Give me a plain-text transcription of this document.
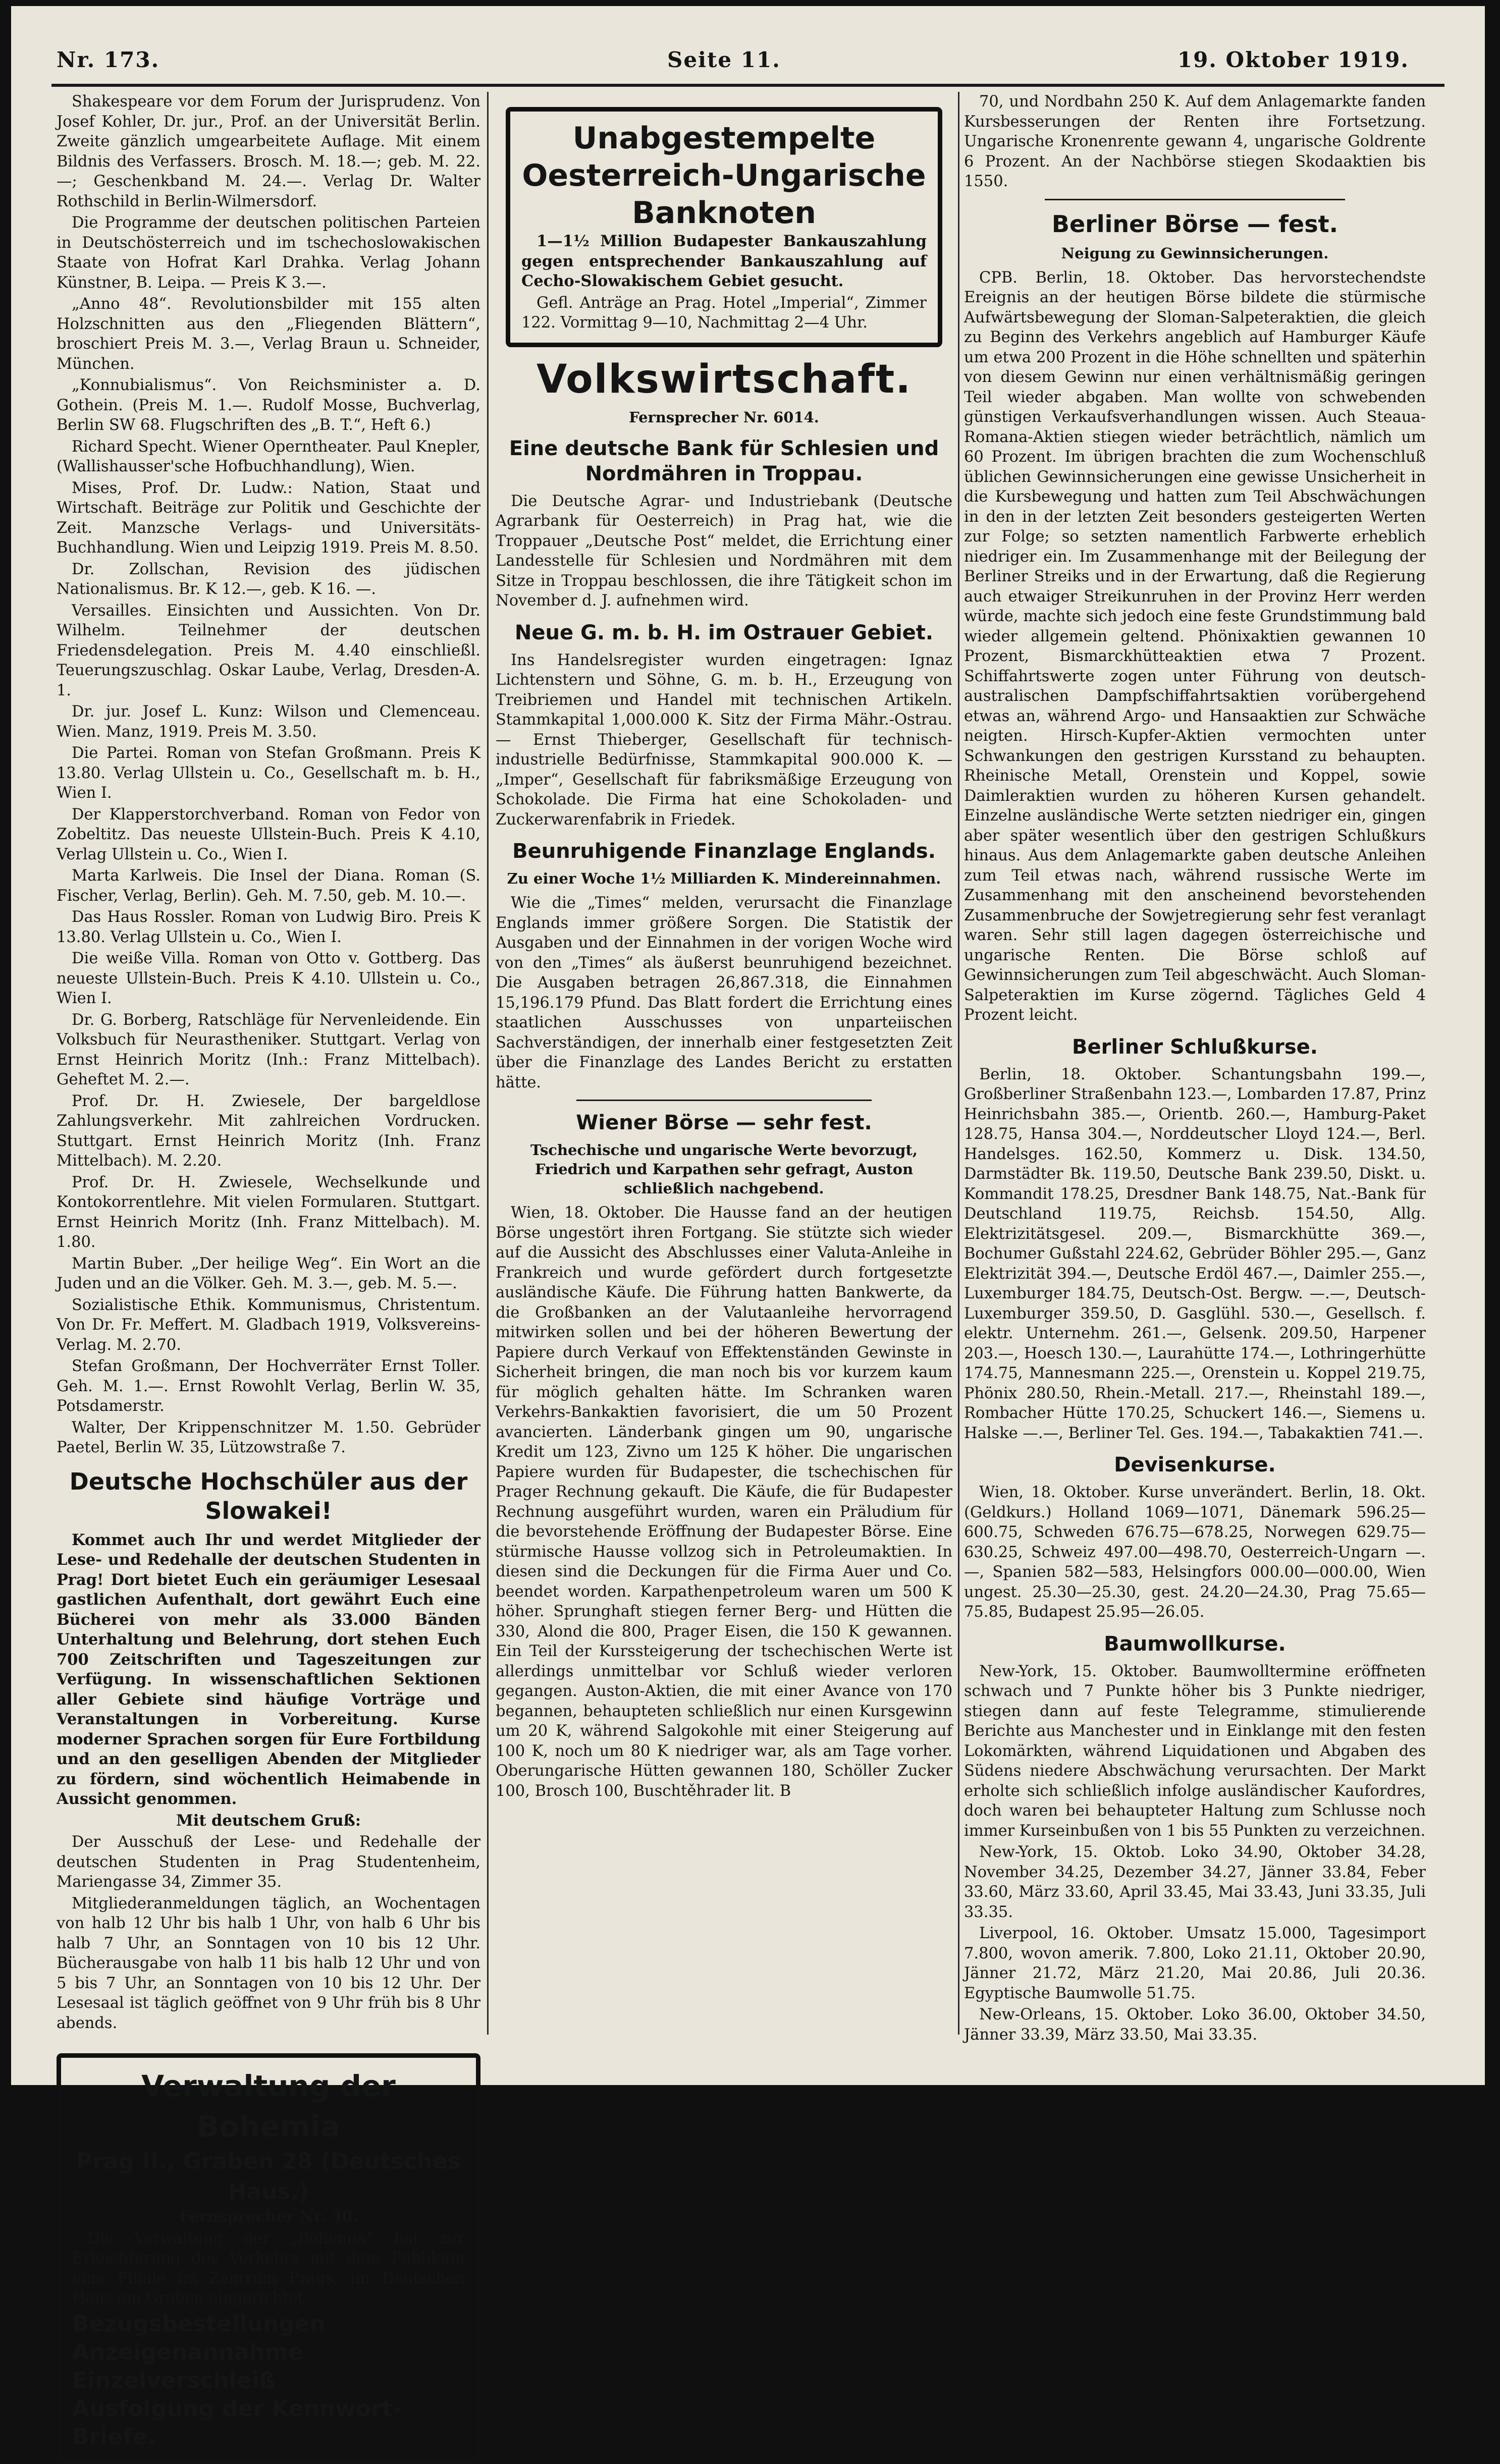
Nr. 173.	Seite 11.	19. Oktober 1919.

Shakespeare vor dem Forum der Jurisprudenz. Von Josef Kohler, Dr. jur., Prof. an der Universität Berlin. Zweite gänzlich umgearbeitete Auflage. Mit einem Bildnis des Verfassers. Brosch. M. 18.—; geb. M. 22.—; Geschenkband M. 24.—. Verlag Dr. Walter Rothschild in Berlin-Wilmersdorf.

Die Programme der deutschen politischen Parteien in Deutschösterreich und im tschechoslowakischen Staate von Hofrat Karl Drahka. Verlag Johann Künstner, B. Leipa. — Preis K 3.—.

„Anno 48“. Revolutionsbilder mit 155 alten Holzschnitten aus den „Fliegenden Blättern“, broschiert Preis M. 3.—, Verlag Braun u. Schneider, München.

„Konnubialismus“. Von Reichsminister a. D. Gothein. (Preis M. 1.—. Rudolf Mosse, Buchverlag, Berlin SW 68. Flugschriften des „B. T.“, Heft 6.)

Richard Specht. Wiener Operntheater. Paul Knepler, (Wallishausser'sche Hofbuchhandlung), Wien.

Mises, Prof. Dr. Ludw.: Nation, Staat und Wirtschaft. Beiträge zur Politik und Geschichte der Zeit. Manzsche Verlags- und Universitäts-Buchhandlung. Wien und Leipzig 1919. Preis M. 8.50.

Dr. Zollschan, Revision des jüdischen Nationalismus. Br. K 12.—, geb. K 16. —.

Versailles. Einsichten und Aussichten. Von Dr. Wilhelm. Teilnehmer der deutschen Friedensdelegation. Preis M. 4.40 einschließl. Teuerungszuschlag. Oskar Laube, Verlag, Dresden-A. 1.

Dr. jur. Josef L. Kunz: Wilson und Clemenceau. Wien. Manz, 1919. Preis M. 3.50.

Die Partei. Roman von Stefan Großmann. Preis K 13.80. Verlag Ullstein u. Co., Gesellschaft m. b. H., Wien I.

Der Klapperstorchverband. Roman von Fedor von Zobeltitz. Das neueste Ullstein-Buch. Preis K 4.10, Verlag Ullstein u. Co., Wien I.

Marta Karlweis. Die Insel der Diana. Roman (S. Fischer, Verlag, Berlin). Geh. M. 7.50, geb. M. 10.—.

Das Haus Rossler. Roman von Ludwig Biro. Preis K 13.80. Verlag Ullstein u. Co., Wien I.

Die weiße Villa. Roman von Otto v. Gottberg. Das neueste Ullstein-Buch. Preis K 4.10. Ullstein u. Co., Wien I.

Dr. G. Borberg, Ratschläge für Nervenleidende. Ein Volksbuch für Neurastheniker. Stuttgart. Verlag von Ernst Heinrich Moritz (Inh.: Franz Mittelbach). Geheftet M. 2.—.

Prof. Dr. H. Zwiesele, Der bargeldlose Zahlungsverkehr. Mit zahlreichen Vordrucken. Stuttgart. Ernst Heinrich Moritz (Inh. Franz Mittelbach). M. 2.20.

Prof. Dr. H. Zwiesele, Wechselkunde und Kontokorrentlehre. Mit vielen Formularen. Stuttgart. Ernst Heinrich Moritz (Inh. Franz Mittelbach). M. 1.80.

Martin Buber. „Der heilige Weg“. Ein Wort an die Juden und an die Völker. Geh. M. 3.—, geb. M. 5.—.

Sozialistische Ethik. Kommunismus, Christentum. Von Dr. Fr. Meffert. M. Gladbach 1919, Volksvereins-Verlag. M. 2.70.

Stefan Großmann, Der Hochverräter Ernst Toller. Geh. M. 1.—. Ernst Rowohlt Verlag, Berlin W. 35, Potsdamerstr.

Walter, Der Krippenschnitzer M. 1.50. Gebrüder Paetel, Berlin W. 35, Lützowstraße 7.

Deutsche Hochschüler aus der Slowakei!

Kommet auch Ihr und werdet Mitglieder der Lese- und Redehalle der deutschen Studenten in Prag! Dort bietet Euch ein geräumiger Lesesaal gastlichen Aufenthalt, dort gewährt Euch eine Bücherei von mehr als 33.000 Bänden Unterhaltung und Belehrung, dort stehen Euch 700 Zeitschriften und Tageszeitungen zur Verfügung. In wissenschaftlichen Sektionen aller Gebiete sind häufige Vorträge und Veranstaltungen in Vorbereitung. Kurse moderner Sprachen sorgen für Eure Fortbildung und an den geselligen Abenden der Mitglieder zu fördern, sind wöchentlich Heimabende in Aussicht genommen.

Mit deutschem Gruß:

Der Ausschuß der Lese- und Redehalle der deutschen Studenten in Prag Studentenheim, Mariengasse 34, Zimmer 35.

Mitgliederanmeldungen täglich, an Wochentagen von halb 12 Uhr bis halb 1 Uhr, von halb 6 Uhr bis halb 7 Uhr, an Sonntagen von 10 bis 12 Uhr. Bücherausgabe von halb 11 bis halb 12 Uhr und von 5 bis 7 Uhr, an Sonntagen von 10 bis 12 Uhr. Der Lesesaal ist täglich geöffnet von 9 Uhr früh bis 8 Uhr abends.

Verwaltung der Bohemia
Prag II., Graben 28 (Deutsches Haus.)

Fernsprecher Nr. 30.

Die Verwaltung der „Bohemia“ hat zur Erleichterung des Verkehrs mit dem Publikum eine Filiale im Zentrum Prags, im Deutschen Haus am Graben eingerichtet.

Bezugsbestellungen
Anzeigenannahme
Einzelverschleiß
Ausfolgung der Kennwort-Briefe.
Unabgestempelte Oesterreich-Ungarische Banknoten

1—1½ Million Budapester Bankauszahlung gegen entsprechender Bankauszahlung auf Cecho-Slowakischem Gebiet gesucht.

Gefl. Anträge an Prag. Hotel „Imperial“, Zimmer 122. Vormittag 9—10, Nachmittag 2—4 Uhr.

Volkswirtschaft.
Fernsprecher Nr. 6014.
Eine deutsche Bank für Schlesien und Nordmähren in Troppau.

Die Deutsche Agrar- und Industriebank (Deutsche Agrarbank für Oesterreich) in Prag hat, wie die Troppauer „Deutsche Post“ meldet, die Errichtung einer Landesstelle für Schlesien und Nordmähren mit dem Sitze in Troppau beschlossen, die ihre Tätigkeit schon im November d. J. aufnehmen wird.

Neue G. m. b. H. im Ostrauer Gebiet.

Ins Handelsregister wurden eingetragen: Ignaz Lichtenstern und Söhne, G. m. b. H., Erzeugung von Treibriemen und Handel mit technischen Artikeln. Stammkapital 1,000.000 K. Sitz der Firma Mähr.-Ostrau. — Ernst Thieberger, Gesellschaft für technisch-industrielle Bedürfnisse, Stammkapital 900.000 K. — „Imper“, Gesellschaft für fabriksmäßige Erzeugung von Schokolade. Die Firma hat eine Schokoladen- und Zuckerwarenfabrik in Friedek.

Beunruhigende Finanzlage Englands.
Zu einer Woche 1½ Milliarden K. Mindereinnahmen.

Wie die „Times“ melden, verursacht die Finanzlage Englands immer größere Sorgen. Die Statistik der Ausgaben und der Einnahmen in der vorigen Woche wird von den „Times“ als äußerst beunruhigend bezeichnet. Die Ausgaben betragen 26,867.318, die Einnahmen 15,196.179 Pfund. Das Blatt fordert die Errichtung eines staatlichen Ausschusses von unparteiischen Sachverständigen, der innerhalb einer festgesetzten Zeit über die Finanzlage des Landes Bericht zu erstatten hätte.

Wiener Börse — sehr fest.
Tschechische und ungarische Werte bevorzugt, Friedrich und Karpathen sehr gefragt, Auston schließlich nachgebend.

Wien, 18. Oktober. Die Hausse fand an der heutigen Börse ungestört ihren Fortgang. Sie stützte sich wieder auf die Aussicht des Abschlusses einer Valuta-Anleihe in Frankreich und wurde gefördert durch fortgesetzte ausländische Käufe. Die Führung hatten Bankwerte, da die Großbanken an der Valutaanleihe hervorragend mitwirken sollen und bei der höheren Bewertung der Papiere durch Verkauf von Effektenständen Gewinste in Sicherheit bringen, die man noch bis vor kurzem kaum für möglich gehalten hätte. Im Schranken waren Verkehrs-Bankaktien favorisiert, die um 50 Prozent avancierten. Länderbank gingen um 90, ungarische Kredit um 123, Zivno um 125 K höher. Die ungarischen Papiere wurden für Budapester, die tschechischen für Prager Rechnung gekauft. Die Käufe, die für Budapester Rechnung ausgeführt wurden, waren ein Präludium für die bevorstehende Eröffnung der Budapester Börse. Eine stürmische Hausse vollzog sich in Petroleumaktien. In diesen sind die Deckungen für die Firma Auer und Co. beendet worden. Karpathenpetroleum waren um 500 K höher. Sprunghaft stiegen ferner Berg- und Hütten die 330, Alond die 800, Prager Eisen, die 150 K gewannen. Ein Teil der Kurssteigerung der tschechischen Werte ist allerdings unmittelbar vor Schluß wieder verloren gegangen. Auston-Aktien, die mit einer Avance von 170 begannen, behaupteten schließlich nur einen Kursgewinn um 20 K, während Salgokohle mit einer Steigerung auf 100 K, noch um 80 K niedriger war, als am Tage vorher. Oberungarische Hütten gewannen 180, Schöller Zucker 100, Brosch 100, Buschtěhrader lit. B

70, und Nordbahn 250 K. Auf dem Anlagemarkte fanden Kursbesserungen der Renten ihre Fortsetzung. Ungarische Kronenrente gewann 4, ungarische Goldrente 6 Prozent. An der Nachbörse stiegen Skodaaktien bis 1550.

Berliner Börse — fest.
Neigung zu Gewinnsicherungen.

CPB. Berlin, 18. Oktober. Das hervorstechendste Ereignis an der heutigen Börse bildete die stürmische Aufwärtsbewegung der Sloman-Salpeteraktien, die gleich zu Beginn des Verkehrs angeblich auf Hamburger Käufe um etwa 200 Prozent in die Höhe schnellten und späterhin von diesem Gewinn nur einen verhältnismäßig geringen Teil wieder abgaben. Man wollte von schwebenden günstigen Verkaufsverhandlungen wissen. Auch Steaua-Romana-Aktien stiegen wieder beträchtlich, nämlich um 60 Prozent. Im übrigen brachten die zum Wochenschluß üblichen Gewinnsicherungen eine gewisse Unsicherheit in die Kursbewegung und hatten zum Teil Abschwächungen in den in der letzten Zeit besonders gesteigerten Werten zur Folge; so setzten namentlich Farbwerte erheblich niedriger ein. Im Zusammenhange mit der Beilegung der Berliner Streiks und in der Erwartung, daß die Regierung auch etwaiger Streikunruhen in der Provinz Herr werden würde, machte sich jedoch eine feste Grundstimmung bald wieder allgemein geltend. Phönixaktien gewannen 10 Prozent, Bismarckhütteaktien etwa 7 Prozent. Schiffahrtswerte zogen unter Führung von deutsch-australischen Dampfschiffahrtsaktien vorübergehend etwas an, während Argo- und Hansaaktien zur Schwäche neigten. Hirsch-Kupfer-Aktien vermochten unter Schwankungen den gestrigen Kursstand zu behaupten. Rheinische Metall, Orenstein und Koppel, sowie Daimleraktien wurden zu höheren Kursen gehandelt. Einzelne ausländische Werte setzten niedriger ein, gingen aber später wesentlich über den gestrigen Schlußkurs hinaus. Aus dem Anlagemarkte gaben deutsche Anleihen zum Teil etwas nach, während russische Werte im Zusammenhang mit den anscheinend bevorstehenden Zusammenbruche der Sowjetregierung sehr fest veranlagt waren. Sehr still lagen dagegen österreichische und ungarische Renten. Die Börse schloß auf Gewinnsicherungen zum Teil abgeschwächt. Auch Sloman-Salpeteraktien im Kurse zögernd. Tägliches Geld 4 Prozent leicht.

Berliner Schlußkurse.

Berlin, 18. Oktober. Schantungsbahn 199.—, Großberliner Straßenbahn 123.—, Lombarden 17.87, Prinz Heinrichsbahn 385.—, Orientb. 260.—, Hamburg-Paket 128.75, Hansa 304.—, Norddeutscher Lloyd 124.—, Berl. Handelsges. 162.50, Kommerz u. Disk. 134.50, Darmstädter Bk. 119.50, Deutsche Bank 239.50, Diskt. u. Kommandit 178.25, Dresdner Bank 148.75, Nat.-Bank für Deutschland 119.75, Reichsb. 154.50, Allg. Elektrizitätsgesel. 209.—, Bismarckhütte 369.—, Bochumer Gußstahl 224.62, Gebrüder Böhler 295.—, Ganz Elektrizität 394.—, Deutsche Erdöl 467.—, Daimler 255.—, Luxemburger 184.75, Deutsch-Ost. Bergw. —.—, Deutsch-Luxemburger 359.50, D. Gasglühl. 530.—, Gesellsch. f. elektr. Unternehm. 261.—, Gelsenk. 209.50, Harpener 203.—, Hoesch 130.—, Laurahütte 174.—, Lothringerhütte 174.75, Mannesmann 225.—, Orenstein u. Koppel 219.75, Phönix 280.50, Rhein.-Metall. 217.—, Rheinstahl 189.—, Rombacher Hütte 170.25, Schuckert 146.—, Siemens u. Halske —.—, Berliner Tel. Ges. 194.—, Tabakaktien 741.—.

Devisenkurse.

Wien, 18. Oktober. Kurse unverändert. Berlin, 18. Okt. (Geldkurs.) Holland 1069—1071, Dänemark 596.25—600.75, Schweden 676.75—678.25, Norwegen 629.75—630.25, Schweiz 497.00—498.70, Oesterreich-Ungarn —.—, Spanien 582—583, Helsingfors 000.00—000.00, Wien ungest. 25.30—25.30, gest. 24.20—24.30, Prag 75.65—75.85, Budapest 25.95—26.05.

Baumwollkurse.

New-York, 15. Oktober. Baumwolltermine eröffneten schwach und 7 Punkte höher bis 3 Punkte niedriger, stiegen dann auf feste Telegramme, stimulierende Berichte aus Manchester und in Einklange mit den festen Lokomärkten, während Liquidationen und Abgaben des Südens niedere Abschwächung verursachten. Der Markt erholte sich schließlich infolge ausländischer Kaufordres, doch waren bei behaupteter Haltung zum Schlusse noch immer Kurseinbußen von 1 bis 55 Punkten zu verzeichnen.

New-York, 15. Oktob. Loko 34.90, Oktober 34.28, November 34.25, Dezember 34.27, Jänner 33.84, Feber 33.60, März 33.60, April 33.45, Mai 33.43, Juni 33.35, Juli 33.35.

Liverpool, 16. Oktober. Umsatz 15.000, Tagesimport 7.800, wovon amerik. 7.800, Loko 21.11, Oktober 20.90, Jänner 21.72, März 21.20, Mai 20.86, Juli 20.36. Egyptische Baumwolle 51.75.

New-Orleans, 15. Oktober. Loko 36.00, Oktober 34.50, Jänner 33.39, März 33.50, Mai 33.35.
